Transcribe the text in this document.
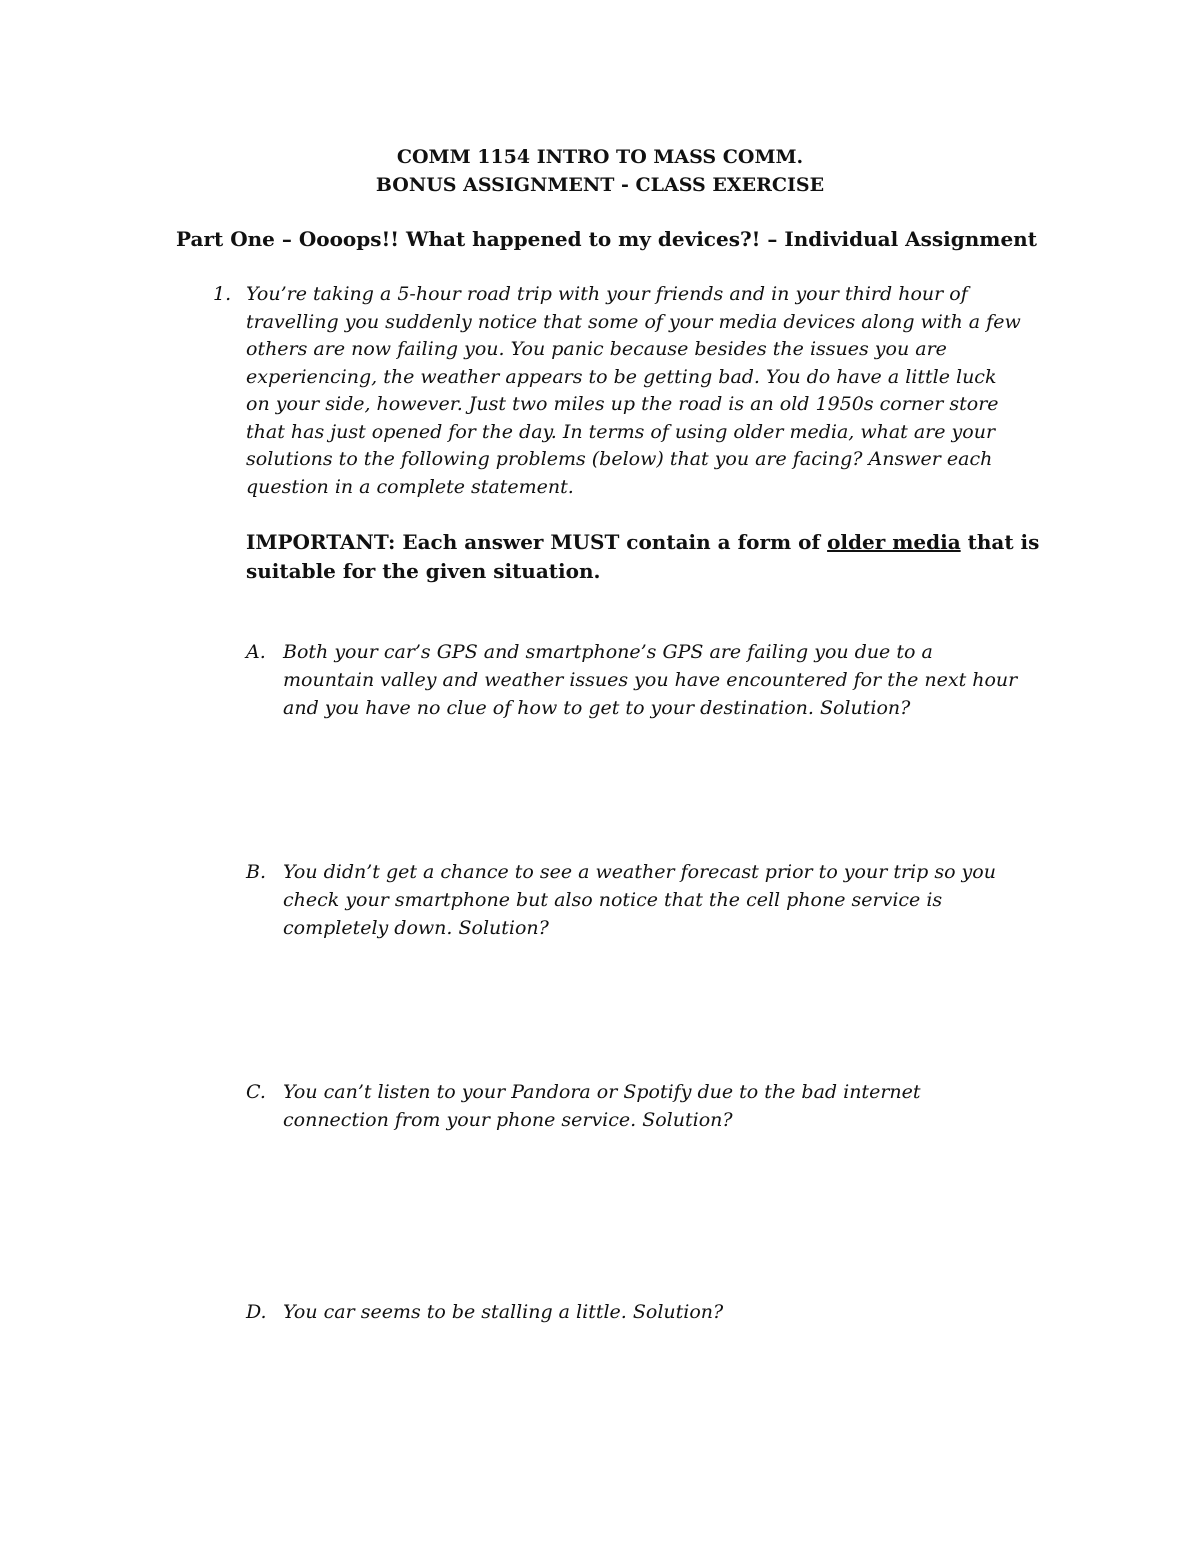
COMM 1154 INTRO TO MASS COMM.
BONUS ASSIGNMENT - CLASS EXERCISE
Part One – Oooops!! What happened to my devices?! – Individual Assignment
1. You’re taking a 5-hour road trip with your friends and in your third hour of
travelling you suddenly notice that some of your media devices along with a few
others are now failing you. You panic because besides the issues you are
experiencing, the weather appears to be getting bad. You do have a little luck
on your side, however. Just two miles up the road is an old 1950s corner store
that has just opened for the day. In terms of using older media, what are your
solutions to the following problems (below) that you are facing? Answer each
question in a complete statement.
IMPORTANT: Each answer MUST contain a form of older media that is
suitable for the given situation.
A. Both your car’s GPS and smartphone’s GPS are failing you due to a
mountain valley and weather issues you have encountered for the next hour
and you have no clue of how to get to your destination. Solution?
B. You didn’t get a chance to see a weather forecast prior to your trip so you
check your smartphone but also notice that the cell phone service is
completely down. Solution?
C. You can’t listen to your Pandora or Spotify due to the bad internet
connection from your phone service. Solution?
D. You car seems to be stalling a little. Solution?
